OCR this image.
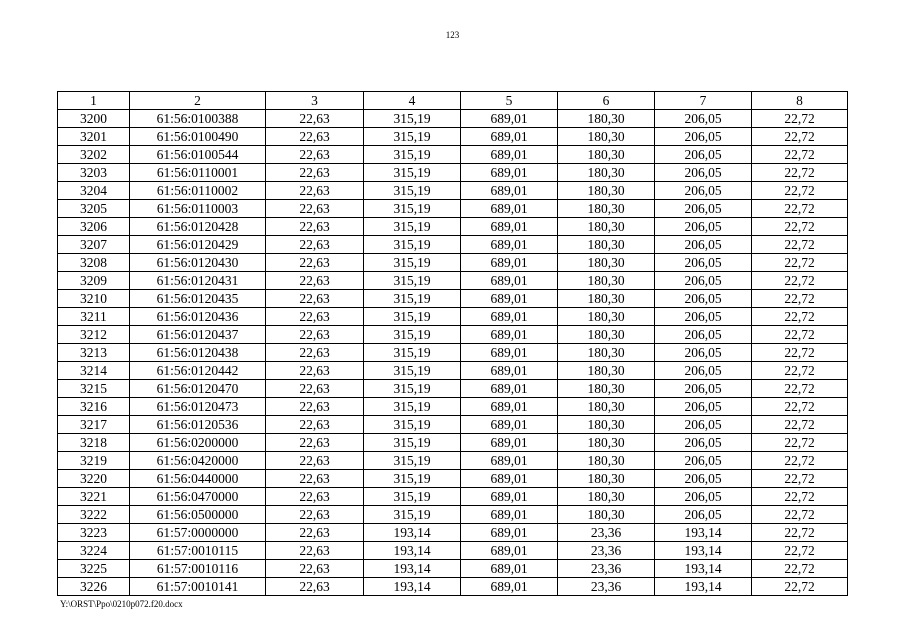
123
1	2	3	4	5	6	7	8
3200	61:56:0100388	22,63	315,19	689,01	180,30	206,05	22,72
3201	61:56:0100490	22,63	315,19	689,01	180,30	206,05	22,72
3202	61:56:0100544	22,63	315,19	689,01	180,30	206,05	22,72
3203	61:56:0110001	22,63	315,19	689,01	180,30	206,05	22,72
3204	61:56:0110002	22,63	315,19	689,01	180,30	206,05	22,72
3205	61:56:0110003	22,63	315,19	689,01	180,30	206,05	22,72
3206	61:56:0120428	22,63	315,19	689,01	180,30	206,05	22,72
3207	61:56:0120429	22,63	315,19	689,01	180,30	206,05	22,72
3208	61:56:0120430	22,63	315,19	689,01	180,30	206,05	22,72
3209	61:56:0120431	22,63	315,19	689,01	180,30	206,05	22,72
3210	61:56:0120435	22,63	315,19	689,01	180,30	206,05	22,72
3211	61:56:0120436	22,63	315,19	689,01	180,30	206,05	22,72
3212	61:56:0120437	22,63	315,19	689,01	180,30	206,05	22,72
3213	61:56:0120438	22,63	315,19	689,01	180,30	206,05	22,72
3214	61:56:0120442	22,63	315,19	689,01	180,30	206,05	22,72
3215	61:56:0120470	22,63	315,19	689,01	180,30	206,05	22,72
3216	61:56:0120473	22,63	315,19	689,01	180,30	206,05	22,72
3217	61:56:0120536	22,63	315,19	689,01	180,30	206,05	22,72
3218	61:56:0200000	22,63	315,19	689,01	180,30	206,05	22,72
3219	61:56:0420000	22,63	315,19	689,01	180,30	206,05	22,72
3220	61:56:0440000	22,63	315,19	689,01	180,30	206,05	22,72
3221	61:56:0470000	22,63	315,19	689,01	180,30	206,05	22,72
3222	61:56:0500000	22,63	315,19	689,01	180,30	206,05	22,72
3223	61:57:0000000	22,63	193,14	689,01	23,36	193,14	22,72
3224	61:57:0010115	22,63	193,14	689,01	23,36	193,14	22,72
3225	61:57:0010116	22,63	193,14	689,01	23,36	193,14	22,72
3226	61:57:0010141	22,63	193,14	689,01	23,36	193,14	22,72
Y:\ORST\Ppo\0210p072.f20.docx
